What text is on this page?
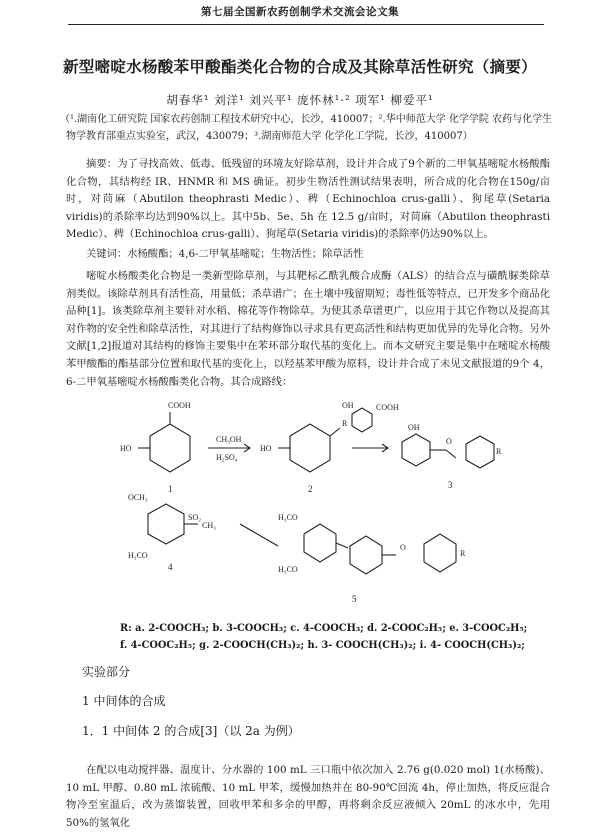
第七届全国新农药创制学术交流会论文集
新型嘧啶水杨酸苯甲酸酯类化合物的合成及其除草活性研究（摘要）
胡春华¹ 刘洋¹ 刘兴平¹ 庞怀林¹·² 项军¹ 柳爱平¹
（¹.湖南化工研究院 国家农药创制工程技术研究中心，长沙，410007；².华中师范大学 化学学院 农药与化学生物学教育部重点实验室，武汉，430079；³.湖南师范大学 化学化工学院，长沙，410007）
摘要：为了寻找高效、低毒、低残留的环境友好除草剂，设计并合成了9个新的二甲氧基嘧啶水杨酸酯化合物，其结构经 IR、HNMR 和 MS 确证。初步生物活性测试结果表明，所合成的化合物在150g/亩时，对苘麻（Abutilon theophrasti Medic）、稗（Echinochloa crus-galli）、狗尾草(Setaria viridis)的杀除率均达到90%以上。其中5b、5e、5h 在 12.5 g/亩时，对苘麻（Abutilon theophrasti Medic）、稗（Echinochloa crus-galli）、狗尾草(Setaria viridis)的杀除率仍达90%以上。
关键词：水杨酸酯；4,6-二甲氧基嘧啶；生物活性；除草活性
嘧啶水杨酸类化合物是一类新型除草剂，与其靶标乙酰乳酸合成酶（ALS）的结合点与磺酰脲类除草剂类似。该除草剂具有活性高，用量低；杀草谱广；在土壤中残留期短；毒性低等特点，已开发多个商品化品种[1]。该类除草剂主要针对水稻、棉花等作物除草。为使其杀草谱更广，以应用于其它作物以及提高其对作物的安全性和除草活性，对其进行了结构修饰以寻求具有更高活性和结构更加优异的先导化合物。另外文献[1,2]报道对其结构的修饰主要集中在苯环部分取代基的变化上。而本文研究主要是集中在嘧啶水杨酸苯甲酸酯的酯基部分位置和取代基的变化上，以羟基苯甲酸为原料，设计并合成了未见文献报道的9个 4，6-二甲氧基嘧啶水杨酸酯类化合物。其合成路线：
COOH
HO
1
CH₃OH
H₂SO₄
R
HO
2
COOH
OH
OH
O
R
3
OCH₃
H₃CO
SO₂
CH₃
4
H₃CO
H₃CO
O
R
5
R: a. 2-COOCH₃; b. 3-COOCH₃; c. 4-COOCH₃; d. 2-COOC₂H₅; e. 3-COOC₂H₅;
f. 4-COOC₂H₅; g. 2-COOCH(CH₃)₂; h. 3- COOCH(CH₃)₂; i. 4- COOCH(CH₃)₂;
实验部分
1 中间体的合成
1．1 中间体 2 的合成[3]（以 2a 为例）
在配以电动搅拌器、温度计、分水器的 100 mL 三口瓶中依次加入 2.76 g(0.020 mol) 1(水杨酸)、10 mL 甲醇、0.80 mL 浓硫酸、10 mL 甲苯，缓慢加热并在 80-90℃回流 4h，停止加热，将反应混合物冷至室温后，改为蒸馏装置，回收甲苯和多余的甲醇，再将剩余反应液倾入 20mL 的冰水中，先用 50%的氢氧化
